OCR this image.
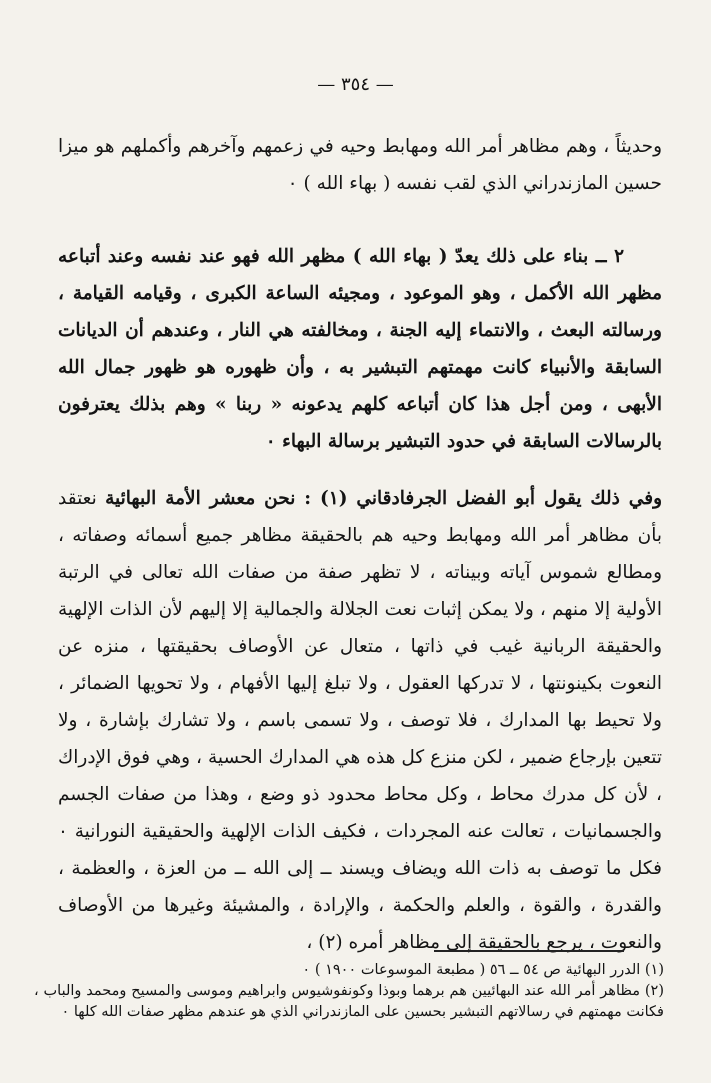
— ٣٥٤ —

وحديثاً ، وهم مظاهر أمر الله ومهابط وحيه في زعمهم وآخرهم وأكملهم هو ميزا حسين المازندراني الذي لقب نفسه ( بهاء الله ) ٠

٢ ــ بناء على ذلك يعدّ ( بهاء الله ) مظهر الله فهو عند نفسه وعند أتباعه مظهر الله الأكمل ، وهو الموعود ، ومجيئه الساعة الكبرى ، وقيامه القيامة ، ورسالته البعث ، والانتماء إليه الجنة ، ومخالفته هي النار ، وعندهم أن الديانات السابقة والأنبياء كانت مهمتهم التبشير به ، وأن ظهوره هو ظهور جمال الله الأبهى ، ومن أجل هذا كان أتباعه كلهم يدعونه « ربنا » وهم بذلك يعترفون بالرسالات السابقة في حدود التبشير برسالة البهاء ٠

وفي ذلك يقول أبو الفضل الجرفادقاني (١) : نحن معشر الأمة البهائية نعتقد بأن مظاهر أمر الله ومهابط وحيه هم بالحقيقة مظاهر جميع أسمائه وصفاته ، ومطالع شموس آياته وبيناته ، لا تظهر صفة من صفات الله تعالى في الرتبة الأولية إلا منهم ، ولا يمكن إثبات نعت الجلالة والجمالية إلا إليهم لأن الذات الإلهية والحقيقة الربانية غيب في ذاتها ، متعال عن الأوصاف بحقيقتها ، منزه عن النعوت بكينونتها ، لا تدركها العقول ، ولا تبلغ إليها الأفهام ، ولا تحويها الضمائر ، ولا تحيط بها المدارك ، فلا توصف ، ولا تسمى باسم ، ولا تشارك بإشارة ، ولا تتعين بإرجاع ضمير ، لكن منزع كل هذه هي المدارك الحسية ، وهي فوق الإدراك ، لأن كل مدرك محاط ، وكل محاط محدود ذو وضع ، وهذا من صفات الجسم والجسمانيات ، تعالت عنه المجردات ، فكيف الذات الإلهية والحقيقية النورانية ٠ فكل ما توصف به ذات الله ويضاف ويسند ــ إلى الله ــ من العزة ، والعظمة ، والقدرة ، والقوة ، والعلم والحكمة ، والإرادة ، والمشيئة وغيرها من الأوصاف والنعوت ، يرجع بالحقيقة إلى مظاهر أمره (٢) ،

(١) الدرر البهائية ص ٥٤ ــ ٥٦ ( مطبعة الموسوعات ١٩٠٠ ) ٠

(٢) مظاهر أمر الله عند البهائيين هم برهما وبوذا وكونفوشيوس وابراهيم وموسى والمسيح ومحمد والباب ، فكانت مهمتهم في رسالاتهم التبشير بحسين على المازندراني الذي هو عندهم مظهر صفات الله كلها ٠
